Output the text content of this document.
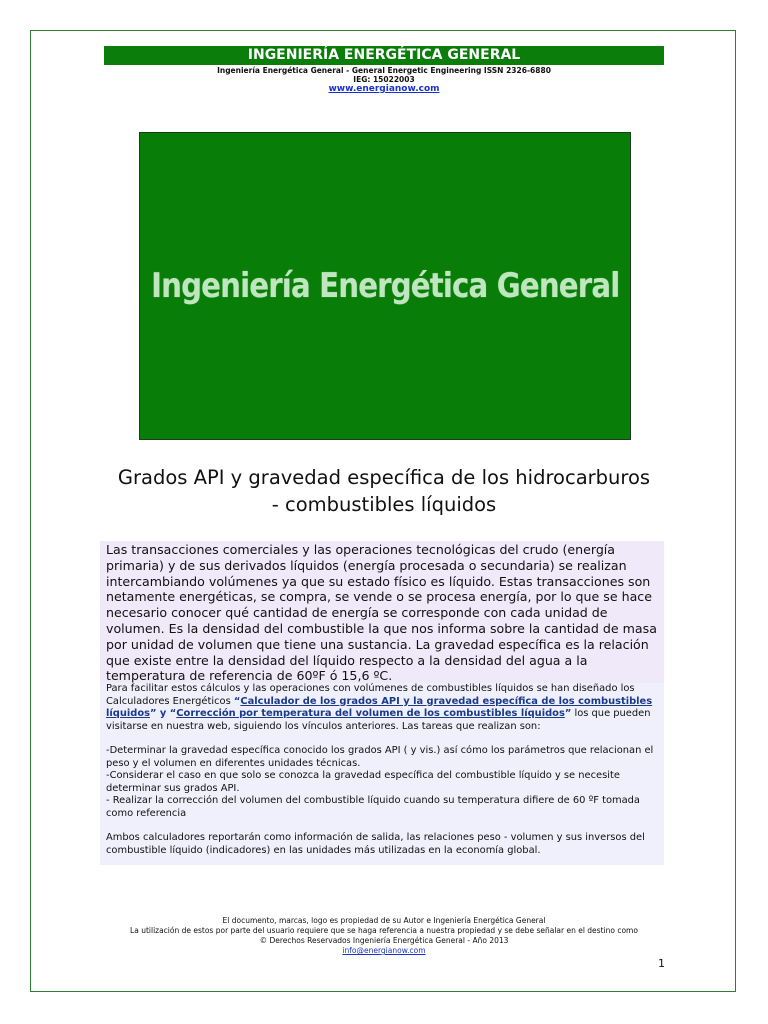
INGENIERÍA ENERGÉTICA GENERAL
Ingeniería Energética General - General Energetic Engineering ISSN 2326-6880
IEG: 15022003
www.energianow.com
Ingeniería Energética General
Grados API y gravedad específica de los hidrocarburos
- combustibles líquidos
Las transacciones comerciales y las operaciones tecnológicas del crudo (energía primaria) y de sus derivados líquidos (energía procesada o secundaria) se realizan intercambiando volúmenes ya que su estado físico es líquido. Estas transacciones son netamente energéticas, se compra, se vende o se procesa energía, por lo que se hace necesario conocer qué cantidad de energía se corresponde con cada unidad de volumen. Es la densidad del combustible la que nos informa sobre la cantidad de masa por unidad de volumen que tiene una sustancia. La gravedad específica es la relación que existe entre la densidad del líquido respecto a la densidad del agua a la temperatura de referencia de 60ºF ó 15,6 ºC.

Para facilitar estos cálculos y las operaciones con volúmenes de combustibles líquidos se han diseñado los Calculadores Energéticos “Calculador de los grados API y la gravedad específica de los combustibles líquidos” y “Corrección por temperatura del volumen de los combustibles líquidos” los que pueden visitarse en nuestra web, siguiendo los vínculos anteriores. Las tareas que realizan son:

-Determinar la gravedad específica conocido los grados API ( y vis.) así cómo los parámetros que relacionan el peso y el volumen en diferentes unidades técnicas.

-Considerar el caso en que solo se conozca la gravedad específica del combustible líquido y se necesite determinar sus grados API.

- Realizar la corrección del volumen del combustible líquido cuando su temperatura difiere de 60 ºF tomada como referencia

Ambos calculadores reportarán como información de salida, las relaciones peso - volumen y sus inversos del combustible líquido (indicadores) en las unidades más utilizadas en la economía global.

El documento, marcas, logo es propiedad de su Autor e Ingeniería Energética General
La utilización de estos por parte del usuario requiere que se haga referencia a nuestra propiedad y se debe señalar en el destino como
© Derechos Reservados Ingeniería Energética General - Año 2013
info@energianow.com
1
